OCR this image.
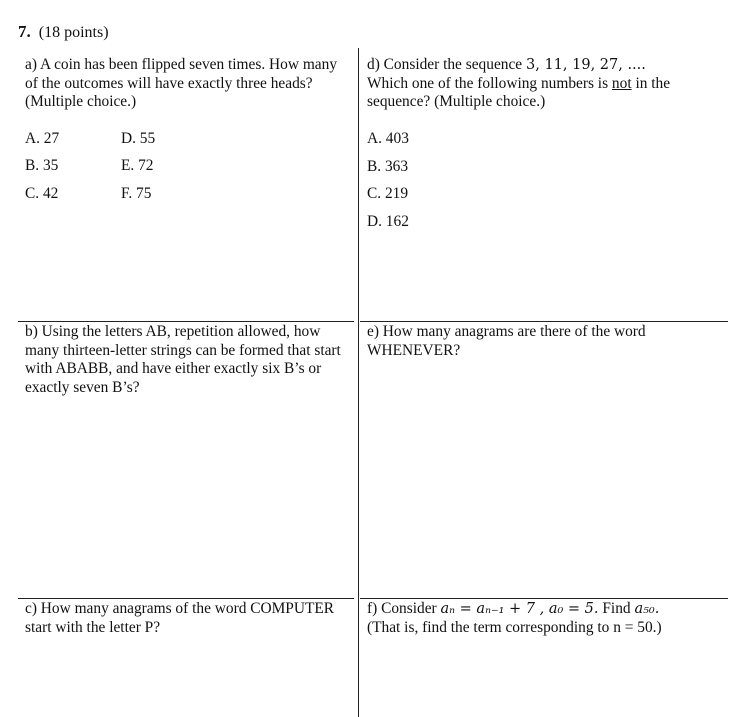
7. (18 points)
a) A coin has been flipped seven times. How many of the outcomes will have exactly three heads? (Multiple choice.)
A. 27
B. 35
C. 42
D. 55
E. 72
F. 75
b) Using the letters AB, repetition allowed, how many thirteen-letter strings can be formed that start with ABABB, and have either exactly six B’s or exactly seven B’s?
c) How many anagrams of the word COMPUTER start with the letter P?
d) Consider the sequence 3, 11, 19, 27, ....
Which one of the following numbers is not in the sequence? (Multiple choice.)
A. 403
B. 363
C. 219
D. 162
e) How many anagrams are there of the word WHENEVER?
f) Consider aₙ = aₙ₋₁ + 7 , a₀ = 5. Find a₅₀.
(That is, find the term corresponding to n = 50.)
